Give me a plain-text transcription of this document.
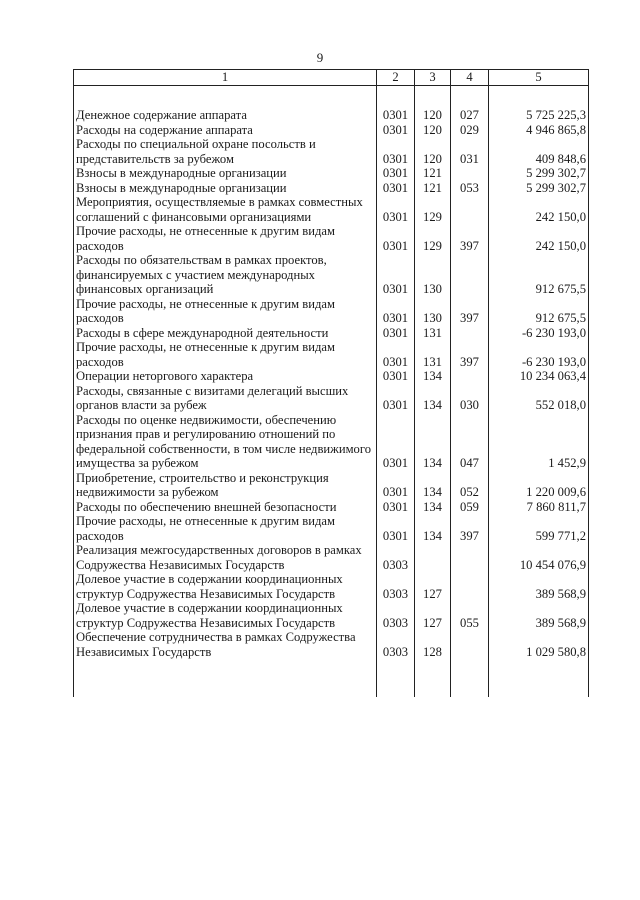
9
1	2	3	4	5

Денежное содержание аппарата	0301	120	027	5 725 225,3
Расходы на содержание аппарата	0301	120	029	4 946 865,8
Расходы по специальной охране посольств и представительств за рубежом	0301	120	031	409 848,6
Взносы в международные организации	0301	121		5 299 302,7
Взносы в международные организации	0301	121	053	5 299 302,7
Мероприятия, осуществляемые в рамках совместных соглашений с финансовыми организациями	0301	129		242 150,0
Прочие расходы, не отнесенные к другим видам расходов	0301	129	397	242 150,0
Расходы по обязательствам в рамках проектов, финансируемых с участием международных финансовых организаций	0301	130		912 675,5
Прочие расходы, не отнесенные к другим видам расходов	0301	130	397	912 675,5
Расходы в сфере международной деятельности	0301	131		-6 230 193,0
Прочие расходы, не отнесенные к другим видам расходов	0301	131	397	-6 230 193,0
Операции неторгового характера	0301	134		10 234 063,4
Расходы, связанные с визитами делегаций высших органов власти за рубеж	0301	134	030	552 018,0
Расходы по оценке недвижимости, обеспечению признания прав и регулированию отношений по федеральной собственности, в том числе недвижимого имущества за рубежом	0301	134	047	1 452,9
Приобретение, строительство и реконструкция недвижимости за рубежом	0301	134	052	1 220 009,6
Расходы по обеспечению внешней безопасности	0301	134	059	7 860 811,7
Прочие расходы, не отнесенные к другим видам расходов	0301	134	397	599 771,2
Реализация межгосударственных договоров в рамках Содружества Независимых Государств	0303			10 454 076,9
Долевое участие в содержании координационных структур Содружества Независимых Государств	0303	127		389 568,9
Долевое участие в содержании координационных структур Содружества Независимых Государств	0303	127	055	389 568,9
Обеспечение сотрудничества в рамках Содружества Независимых Государств	0303	128		1 029 580,8
